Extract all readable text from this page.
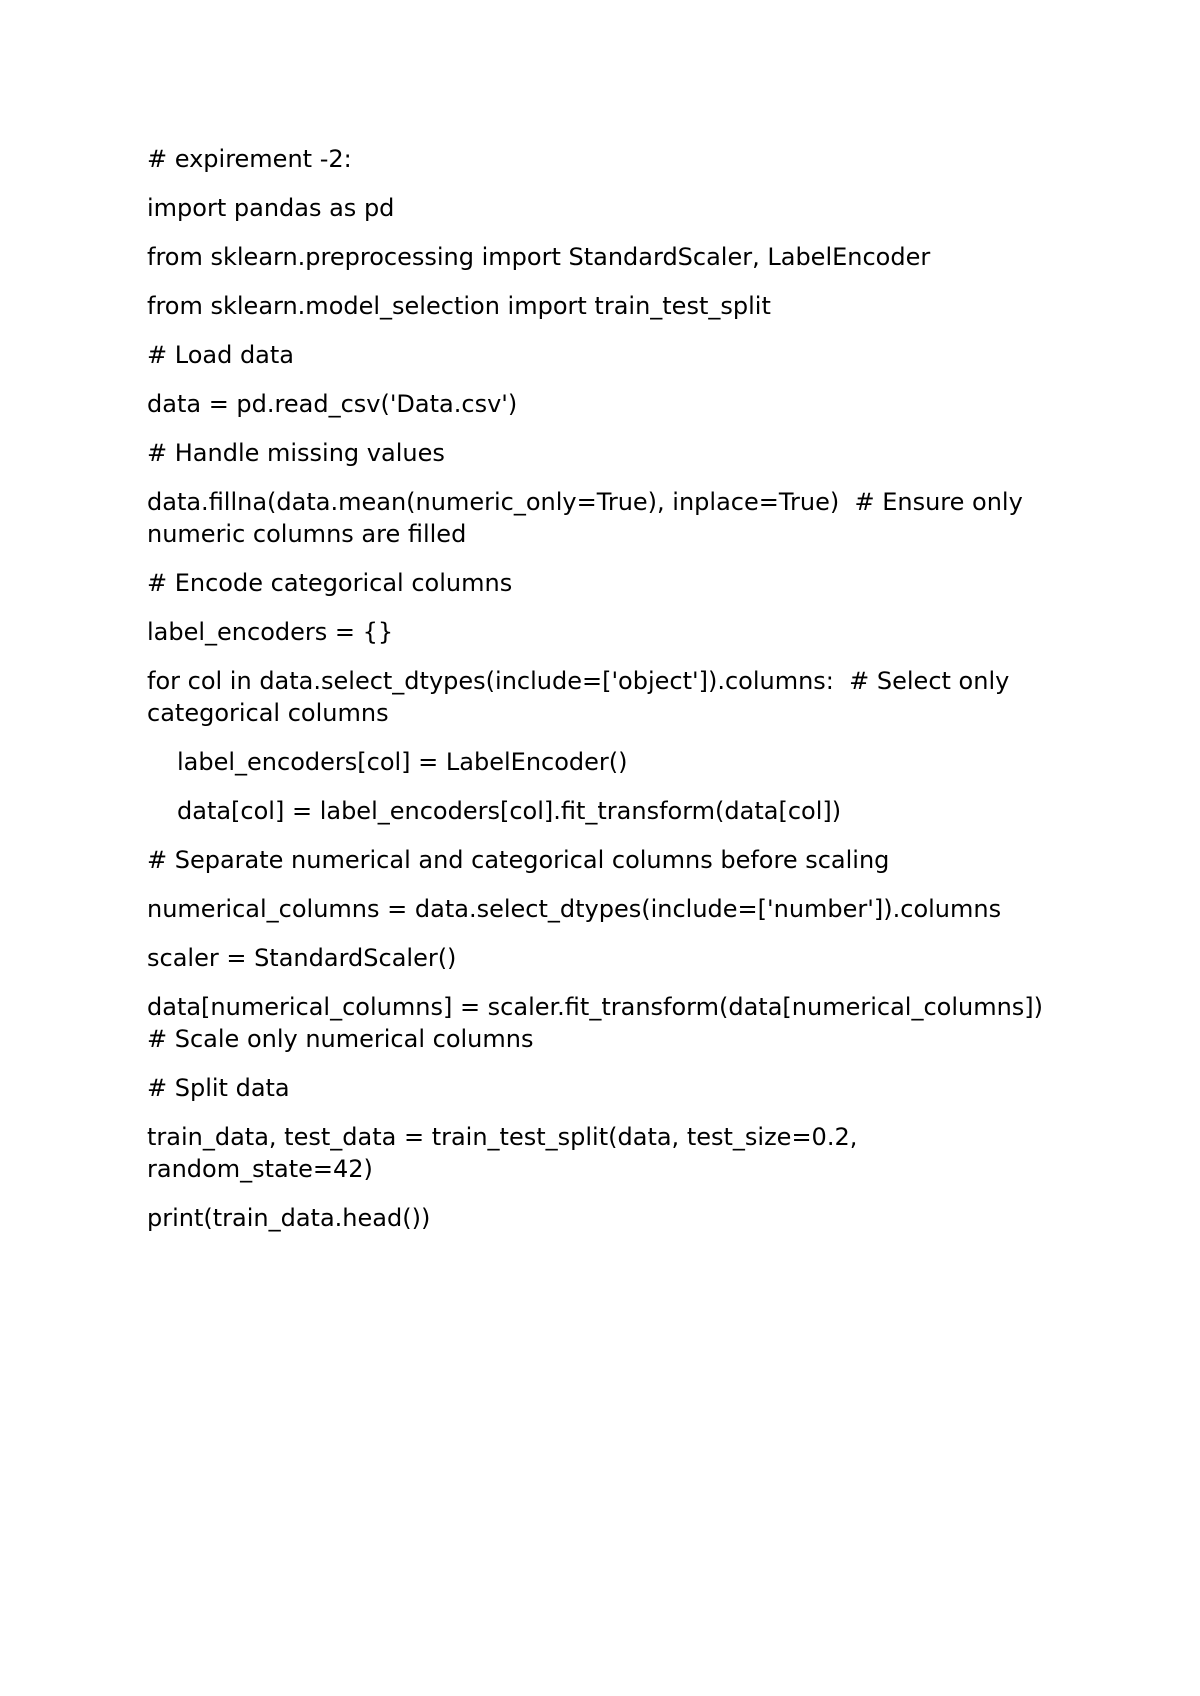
# expirement -2:

import pandas as pd

from sklearn.preprocessing import StandardScaler, LabelEncoder

from sklearn.model_selection import train_test_split

# Load data

data = pd.read_csv('Data.csv')

# Handle missing values

data.fillna(data.mean(numeric_only=True), inplace=True)  # Ensure only numeric columns are filled

# Encode categorical columns

label_encoders = {}

for col in data.select_dtypes(include=['object']).columns:  # Select only categorical columns

label_encoders[col] = LabelEncoder()

data[col] = label_encoders[col].fit_transform(data[col])

# Separate numerical and categorical columns before scaling

numerical_columns = data.select_dtypes(include=['number']).columns

scaler = StandardScaler()

data[numerical_columns] = scaler.fit_transform(data[numerical_columns])  # Scale only numerical columns

# Split data

train_data, test_data = train_test_split(data, test_size=0.2, random_state=42)

print(train_data.head())
